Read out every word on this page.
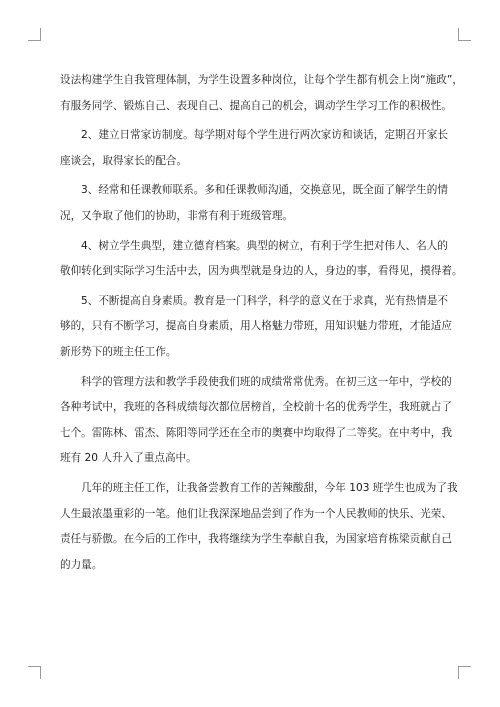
设法构建学生自我管理体制，为学生设置多种岗位，让每个学生都有机会上岗“施政”，
有服务同学、锻炼自己、表现自己、提高自己的机会，调动学生学习工作的积极性。

2、建立日常家访制度。每学期对每个学生进行两次家访和谈话，定期召开家长
座谈会，取得家长的配合。

3、经常和任课教师联系。多和任课教师沟通，交换意见，既全面了解学生的情
况，又争取了他们的协助，非常有利于班级管理。

4、树立学生典型，建立德育档案。典型的树立，有利于学生把对伟人、名人的
敬仰转化到实际学习生活中去，因为典型就是身边的人，身边的事，看得见，摸得着。

5、不断提高自身素质。教育是一门科学，科学的意义在于求真，光有热情是不
够的，只有不断学习，提高自身素质，用人格魅力带班，用知识魅力带班，才能适应
新形势下的班主任工作。

科学的管理方法和教学手段使我们班的成绩常常优秀。在初三这一年中，学校的
各种考试中，我班的各科成绩每次都位居榜首，全校前十名的优秀学生，我班就占了
七个。雷陈林、雷杰、陈阳等同学还在全市的奥赛中均取得了二等奖。在中考中，我
班有 20 人升入了重点高中。

几年的班主任工作，让我备尝教育工作的苦辣酸甜，今年 103 班学生也成为了我
人生最浓墨重彩的一笔。他们让我深深地品尝到了作为一个人民教师的快乐、光荣、
责任与骄傲。在今后的工作中，我将继续为学生奉献自我，为国家培育栋梁贡献自己
的力量。
